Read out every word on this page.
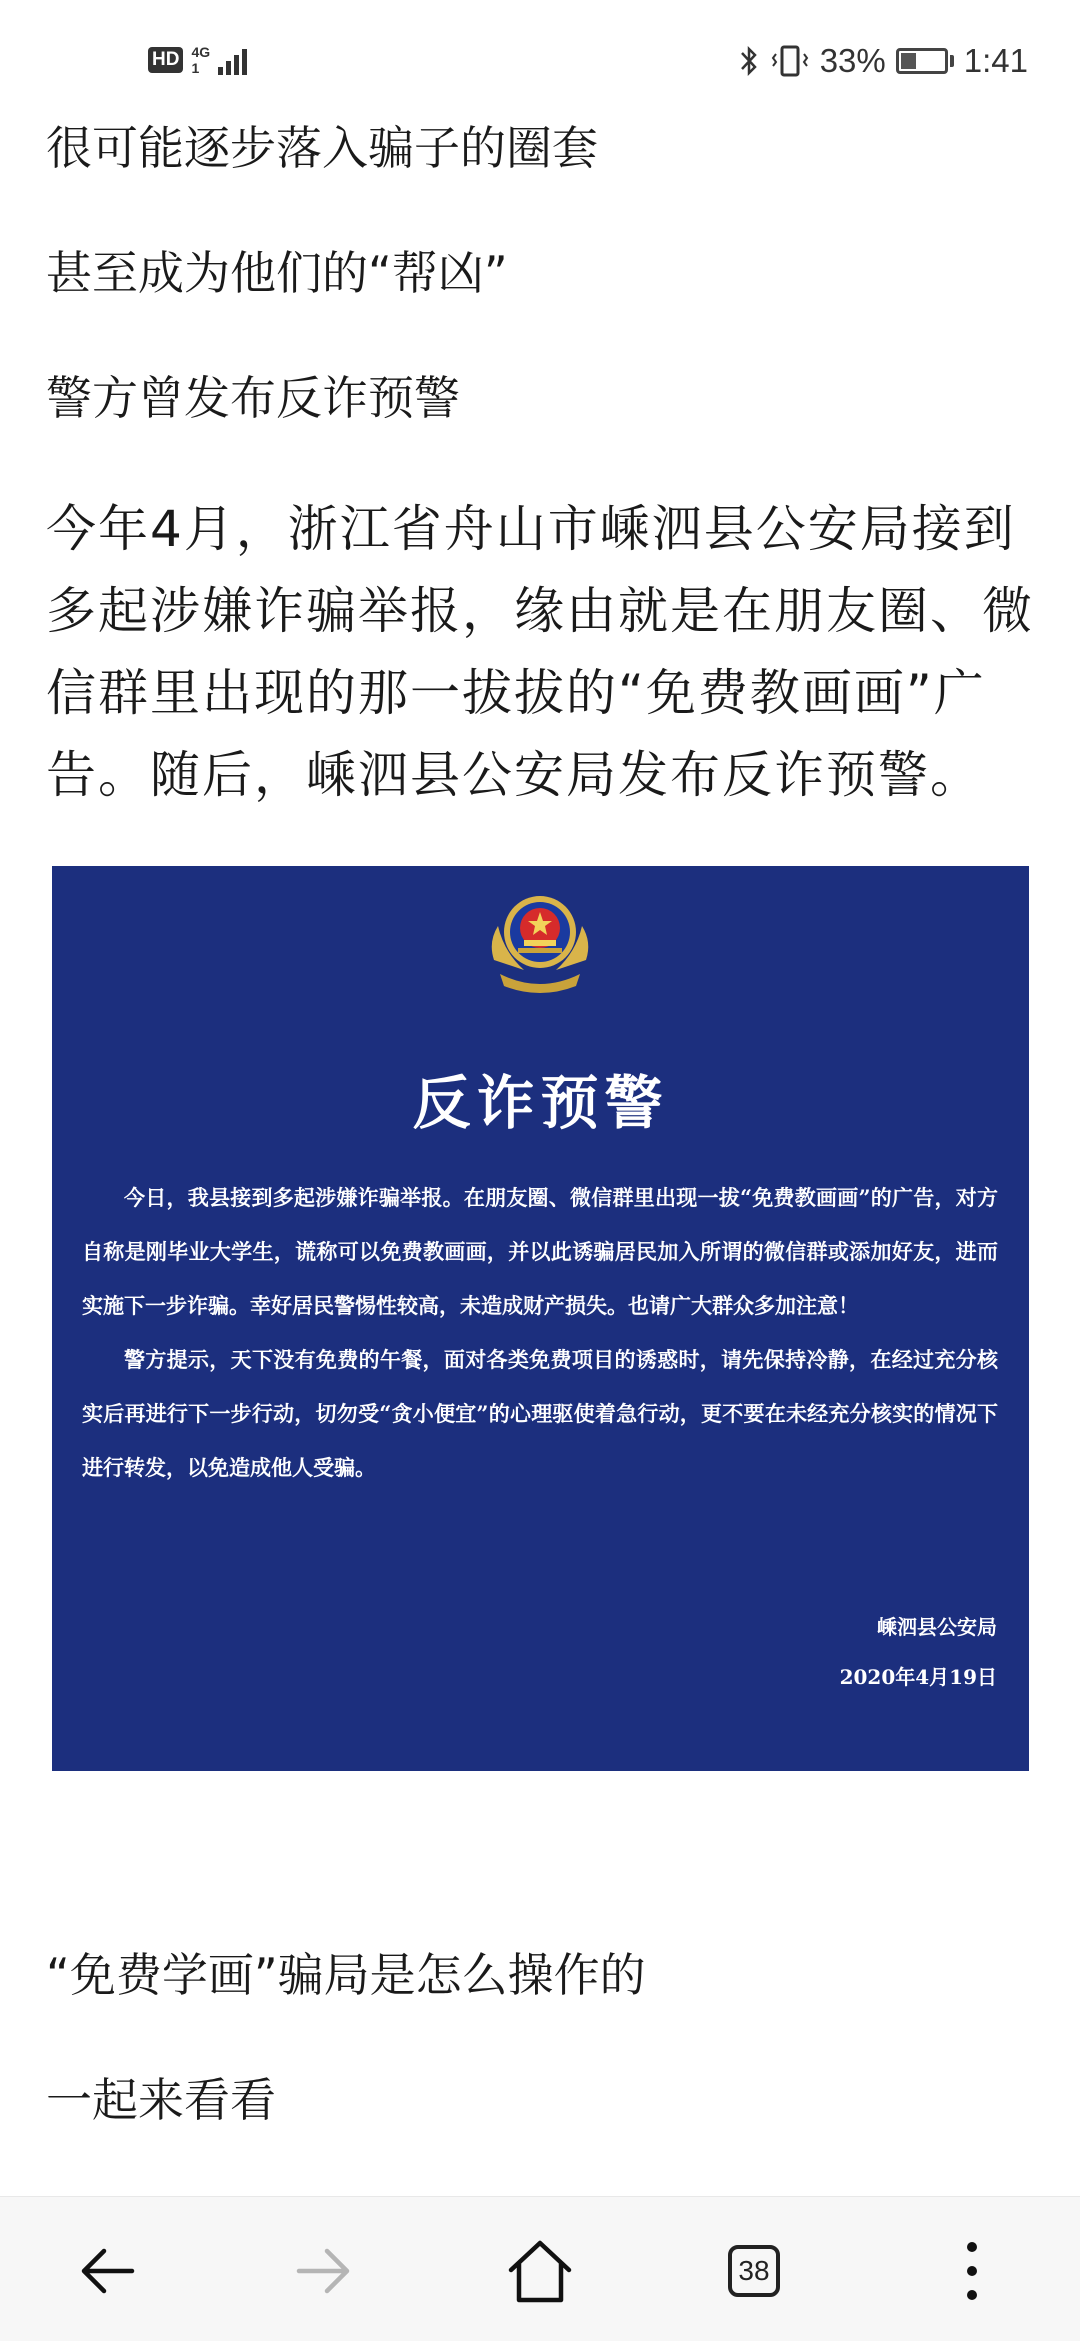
HD 4G
1	33% 1:41

很可能逐步落入骗子的圈套

甚至成为他们的“帮凶”

警方曾发布反诈预警

今年4月，浙江省舟山市嵊泗县公安局接到多起涉嫌诈骗举报，缘由就是在朋友圈、微信群里出现的那一拔拔的“免费教画画”广告。随后，嵊泗县公安局发布反诈预警。

反诈预警

今日，我县接到多起涉嫌诈骗举报。在朋友圈、微信群里出现一拔“免费教画画”的广告，对方自称是刚毕业大学生，谎称可以免费教画画，并以此诱骗居民加入所谓的微信群或添加好友，进而实施下一步诈骗。幸好居民警惕性较高，未造成财产损失。也请广大群众多加注意！

警方提示，天下没有免费的午餐，面对各类免费项目的诱惑时，请先保持冷静，在经过充分核实后再进行下一步行动，切勿受“贪小便宜”的心理驱使着急行动，更不要在未经充分核实的情况下进行转发，以免造成他人受骗。

嵊泗县公安局
2020年4月19日

“免费学画”骗局是怎么操作的

一起来看看

38
